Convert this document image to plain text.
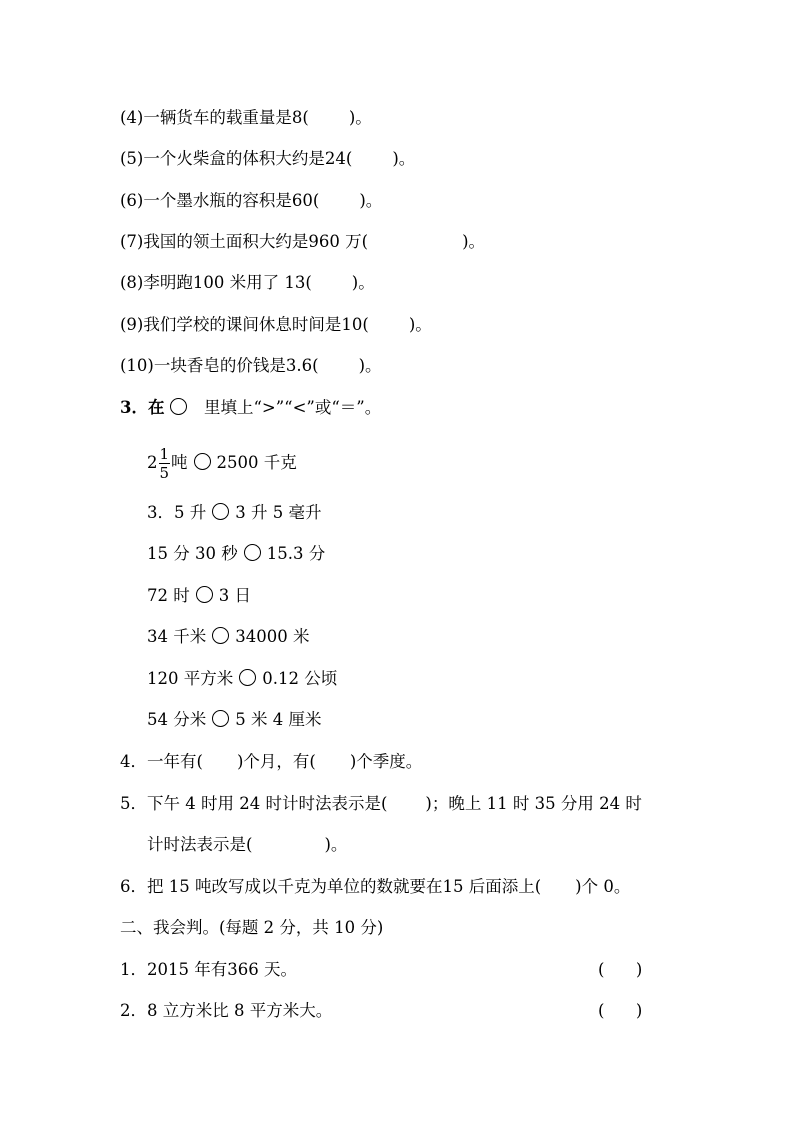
(4)一辆货车的载重量是8( )。
(5)一个火柴盒的体积大约是24( )。
(6)一个墨水瓶的容积是60( )。
(7)我国的领土面积大约是960 万(	)。
(8)李明跑100 米用了 13( )。
(9)我们学校的课间休息时间是10( )。
(10)一块香皂的价钱是3.6( )。
3．在  里填上“>”“<”或“＝”。
$2 \frac{1}{5}$ 吨 2500 千克
3．5 升 3 升 5 毫升
15 分 30 秒 15.3 分
72 时 3 日
34 千米 34000 米
120 平方米 0.12 公顷
54 分米 5 米 4 厘米
4．一年有( )个月，有( )个季度。
5．下午 4 时用 24 时计时法表示是( )；晚上 11 时 35 分用 24 时
计时法表示是(	)。
6．把 15 吨改写成以千克为单位的数就要在15 后面添上( )个 0。
二、我会判。(每题 2 分，共 10 分)
1．2015 年有366 天。	(      )
2．8 立方米比 8 平方米大。	(      )
